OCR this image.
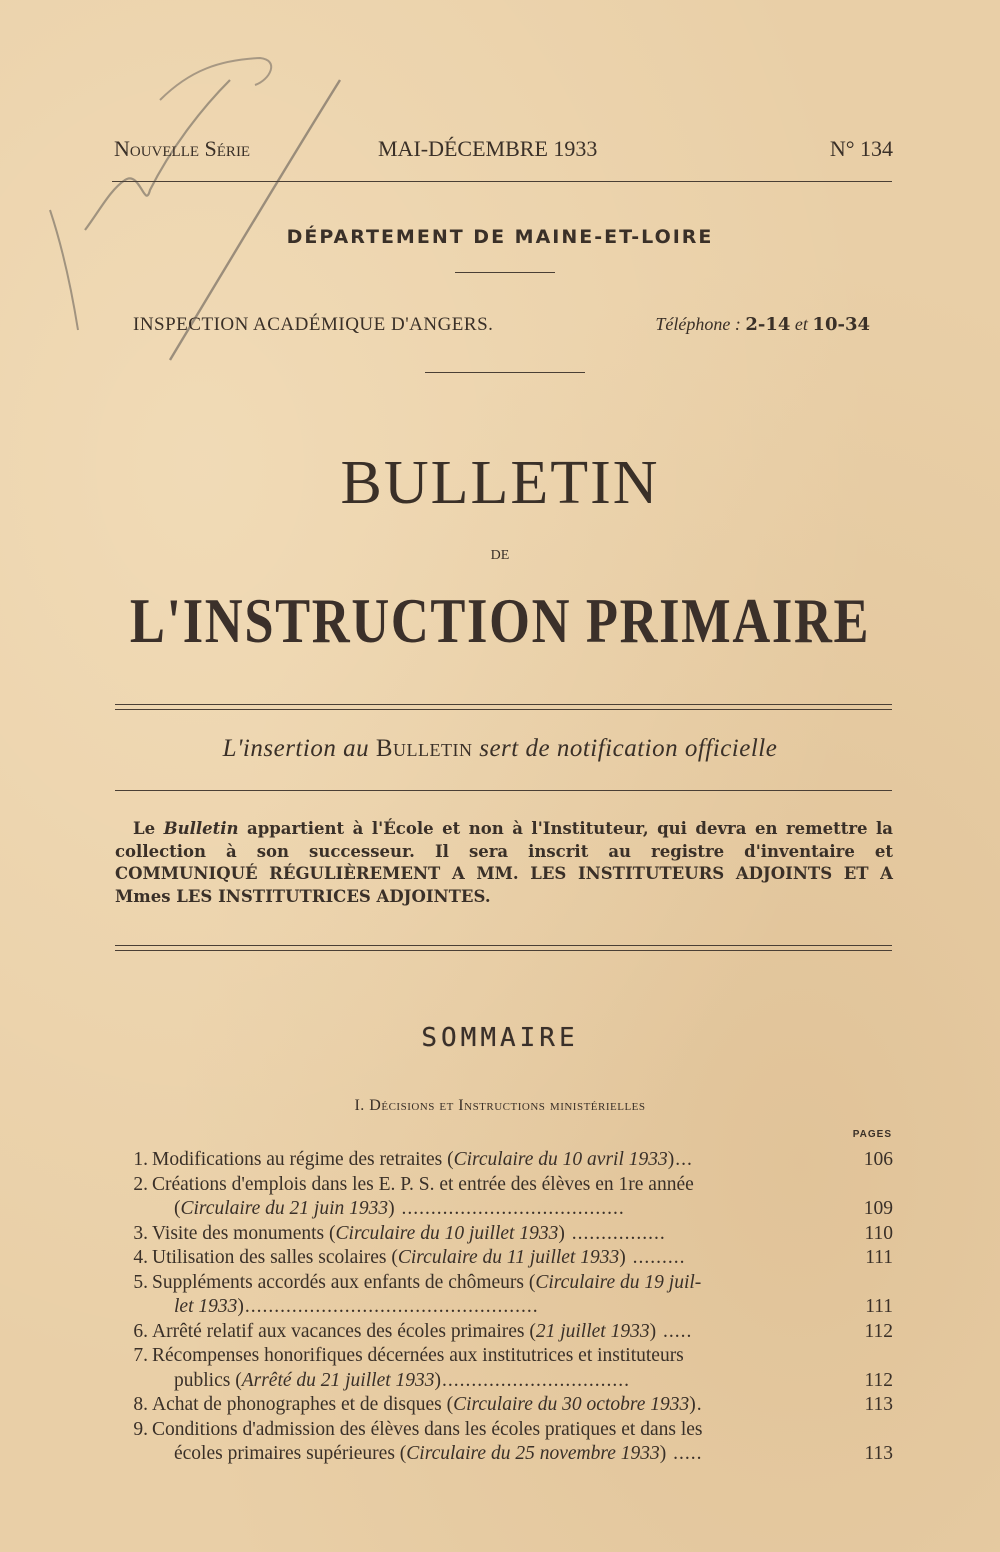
Nouvelle Série	MAI-DÉCEMBRE 1933	N° 134
DÉPARTEMENT DE MAINE-ET-LOIRE
INSPECTION ACADÉMIQUE D'ANGERS.	Téléphone : 2-14 et 10-34
BULLETIN
DE
L'INSTRUCTION PRIMAIRE
L'insertion au Bulletin sert de notification officielle
Le Bulletin appartient à l'École et non à l'Instituteur, qui devra en remettre la collection à son successeur. Il sera inscrit au registre d'inventaire et COMMUNIQUÉ RÉGULIÈREMENT A MM. LES INSTITUTEURS ADJOINTS ET A Mmes LES INSTITUTRICES ADJOINTES.
SOMMAIRE
I. Décisions et Instructions ministérielles
PAGES
1. Modifications au régime des retraites (Circulaire du 10 avril 1933)...	106
2. Créations d'emplois dans les E. P. S. et entrée des élèves en 1re année
(Circulaire du 21 juin 1933) ......................................	109
3. Visite des monuments (Circulaire du 10 juillet 1933) ................	110
4. Utilisation des salles scolaires (Circulaire du 11 juillet 1933) .........	111
5. Suppléments accordés aux enfants de chômeurs (Circulaire du 19 juil-
let 1933)..................................................	111
6. Arrêté relatif aux vacances des écoles primaires (21 juillet 1933) .....	112
7. Récompenses honorifiques décernées aux institutrices et instituteurs
publics (Arrêté du 21 juillet 1933)................................	112
8. Achat de phonographes et de disques (Circulaire du 30 octobre 1933).	113
9. Conditions d'admission des élèves dans les écoles pratiques et dans les
écoles primaires supérieures (Circulaire du 25 novembre 1933) .....	113
